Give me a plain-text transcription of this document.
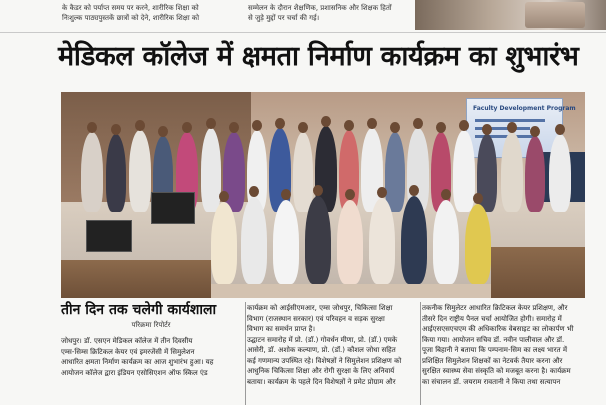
के कैडर को पर्याप्त समय पर करने, शारीरिक शिक्षा को
निःशुल्क पाठ्यपुस्तकें छात्रों को देने, शारीरिक शिक्षा को
सम्मेलन के दौरान शैक्षणिक, प्रशासनिक और शिक्षक हितों
से जुड़े मुद्दों पर चर्चा की गई।
मेडिकल कॉलेज में क्षमता निर्माण कार्यक्रम का शुभारंभ
Faculty Development Program
तीन दिन तक चलेगी कार्यशाला
परिक्रमा रिपोर्टर

जोधपुर। डॉ. एसएन मेडिकल कॉलेज में तीन दिवसीय

एम्स-सिम्स क्रिटिकल केयर एवं इमरजेंसी में सिमुलेशन

आधारित क्षमता निर्माण कार्यक्रम का आज शुभारंभ हुआ। यह

आयोजन कॉलेज द्वारा इंडियन एसोसिएशन ऑफ स्किल एंड

कार्यक्रम को आईसीएमआर, एम्स जोधपुर, चिकित्सा शिक्षा

विभाग (राजस्थान सरकार) एवं परिवहन व सड़क सुरक्षा

विभाग का समर्थन प्राप्त है।

उद्घाटन समारोह में प्रो. (डॉ.) गोवर्धन मीणा, प्रो. (डॉ.) एमके

आसेरी, डॉ. अशोक कल्याण, प्रो. (डॉ.) कौशल जोधा सहित

कई गणमान्य उपस्थित रहे। विशेषज्ञों ने सिमुलेशन प्रशिक्षण को

आधुनिक चिकित्सा शिक्षा और रोगी सुरक्षा के लिए अनिवार्य

बताया। कार्यक्रम के पहले दिन विशेषज्ञों ने प्रमेट प्रोग्राम और

तकनीक सिमुलेटर आधारित क्रिटिकल केयर प्रशिक्षण, और

तीसरे दिन राष्ट्रीय पैनल चर्चा आयोजित होगी। समारोह में

आईएसएसएचएम की अधिकारिक वेबसाइट का लोकार्पण भी

किया गया। आयोजन सचिव डॉ. नवीन पालीवाल और डॉ.

पूजा बिहानी ने बताया कि पम्पनाम-सिम का लक्ष्य भारत में

प्रशिक्षित सिमुलेशन शिक्षकों का नेटवर्क तैयार करना और

सुरक्षित स्वास्थ्य सेवा संस्कृति को मजबूत करना है। कार्यक्रम

का संचालन डॉ. जयराम रावतानी ने किया तथा सत्यापन
